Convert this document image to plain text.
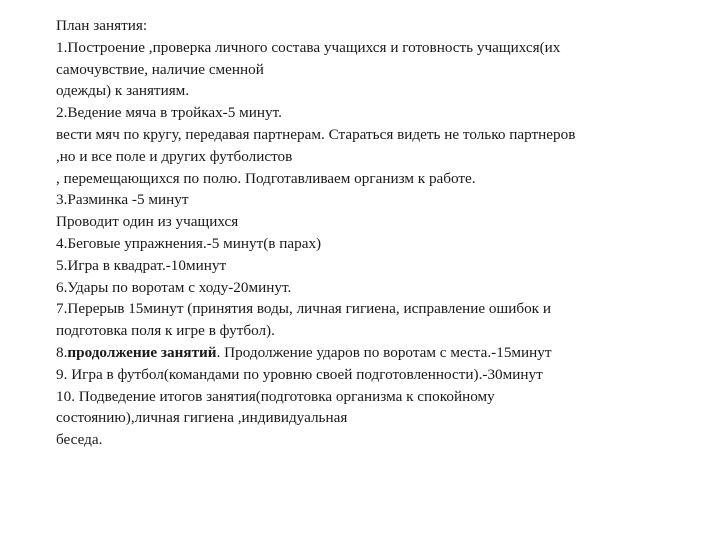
План занятия:
1.Построение ,проверка личного состава учащихся и готовность учащихся(их
самочувствие, наличие сменной
одежды) к занятиям.
2.Ведение мяча в тройках-5 минут.
вести мяч по кругу, передавая партнерам. Стараться видеть не только партнеров
,но и все поле и других футболистов
, перемещающихся по полю. Подготавливаем организм к работе.
3.Разминка -5 минут
Проводит один из учащихся
4.Беговые упражнения.-5 минут(в парах)
5.Игра в квадрат.-10минут
6.Удары по воротам с ходу-20минут.
7.Перерыв 15минут (принятия воды, личная гигиена, исправление ошибок и
подготовка поля к игре в футбол).
8.продолжение занятий. Продолжение ударов по воротам с места.-15минут
9. Игра в футбол(командами по уровню своей подготовленности).-30минут
10. Подведение итогов занятия(подготовка организма к спокойному
состоянию),личная гигиена ,индивидуальная
беседа.
